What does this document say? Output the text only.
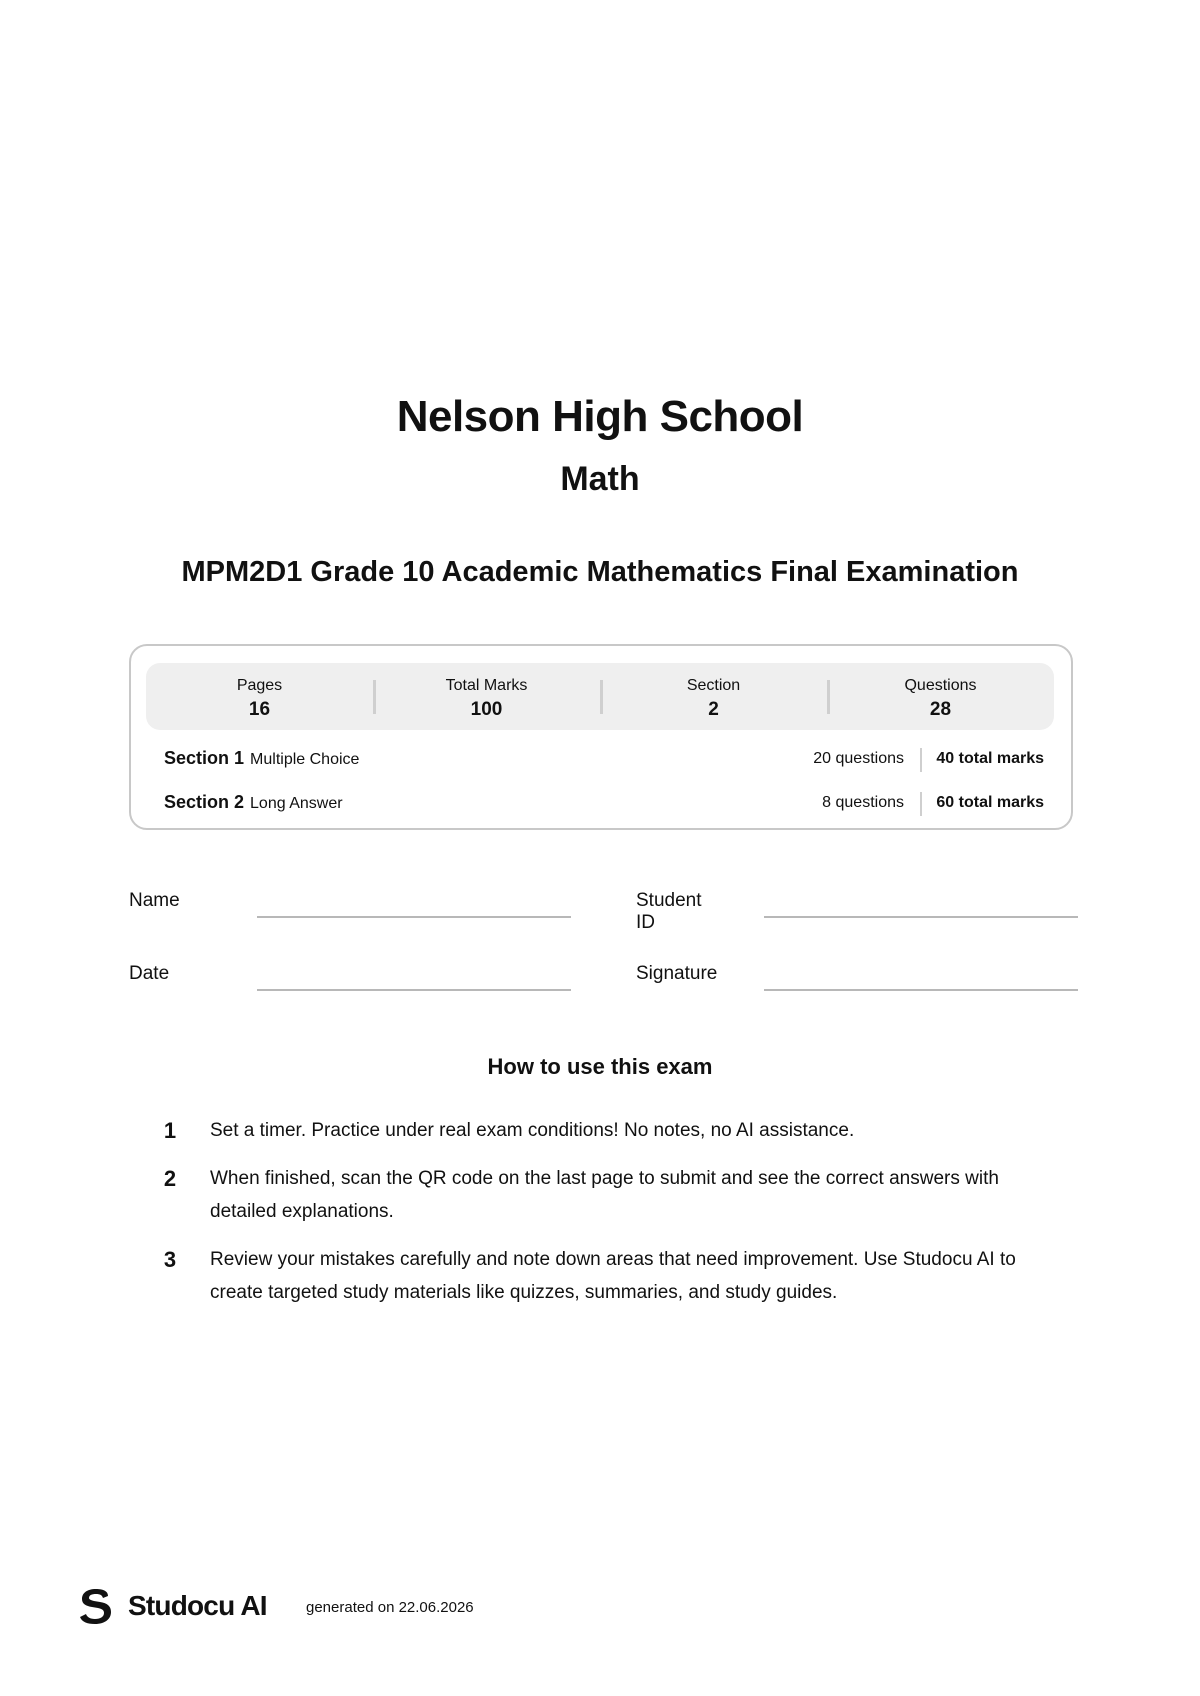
Nelson High School
Math
MPM2D1 Grade 10 Academic Mathematics Final Examination
Pages
16
Total Marks
100
Section
2
Questions
28
Section 1 Multiple Choice	20 questions 40 total marks
Section 2 Long Answer	8 questions 60 total marks
Name	Student ID
Date	Signature
How to use this exam
1 Set a timer. Practice under real exam conditions! No notes, no AI assistance.
2 When finished, scan the QR code on the last page to submit and see the correct answers with detailed explanations.
3 Review your mistakes carefully and note down areas that need improvement. Use Studocu AI to create targeted study materials like quizzes, summaries, and study guides.
Studocu AI	generated on 22.06.2026
